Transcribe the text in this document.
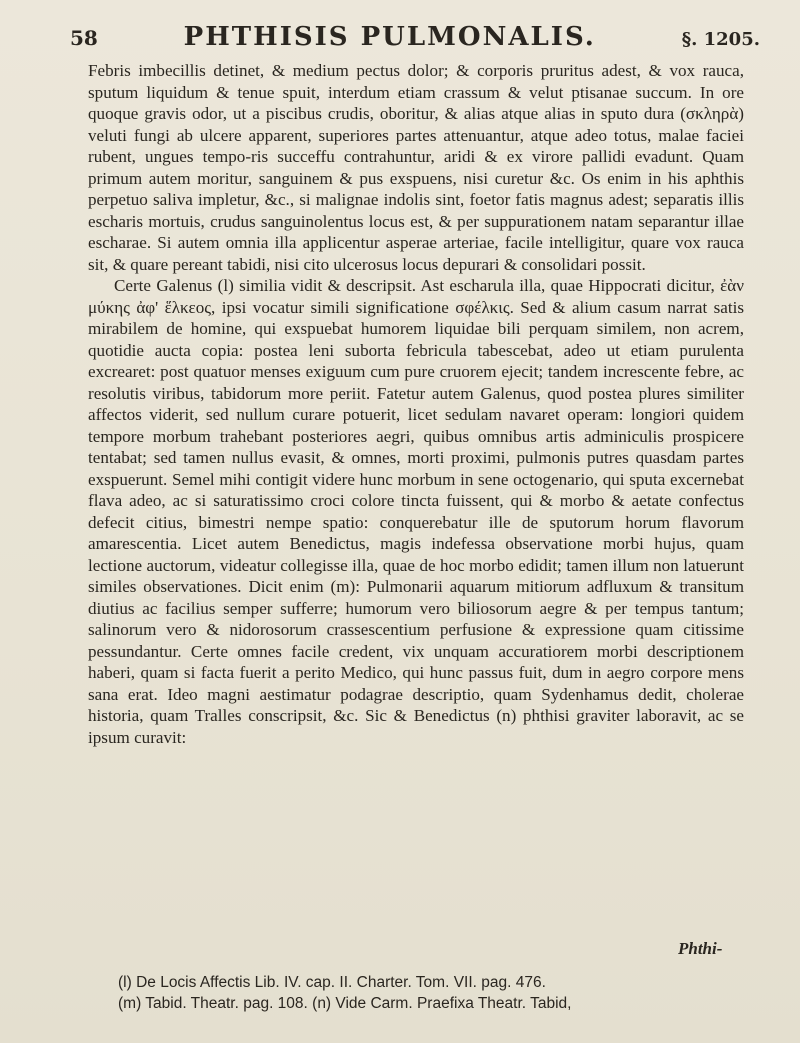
58	PHTHISIS PULMONALIS.	§. 1205.

Febris imbecillis detinet, & medium pectus dolor; & corporis pruritus adest, & vox rauca, sputum liquidum & tenue spuit, interdum etiam crassum & velut ptisanae succum. In ore quoque gravis odor, ut a piscibus crudis, oboritur, & alias atque alias in sputo dura (σκληρὰ) veluti fungi ab ulcere apparent, superiores partes attenuantur, atque adeo totus, malae faciei rubent, ungues tempo-ris succeffu contrahuntur, aridi & ex virore pallidi evadunt. Quam primum autem moritur, sanguinem & pus exspuens, nisi curetur &c. Os enim in his aphthis perpetuo saliva impletur, &c., si malignae indolis sint, foetor fatis magnus adest; separatis illis escharis mortuis, crudus sanguinolentus locus est, & per suppurationem natam separantur illae escharae. Si autem omnia illa applicentur asperae arteriae, facile intelligitur, quare vox rauca sit, & quare pereant tabidi, nisi cito ulcerosus locus depurari & consolidari possit.

Certe Galenus (l) similia vidit & descripsit. Ast escharula illa, quae Hippocrati dicitur, ἐὰν μύκης ἀφ' ἕλκεος, ipsi vocatur simili significatione σφέλκις. Sed & alium casum narrat satis mirabilem de homine, qui exspuebat humorem liquidae bili perquam similem, non acrem, quotidie aucta copia: postea leni suborta febricula tabescebat, adeo ut etiam purulenta excrearet: post quatuor menses exiguum cum pure cruorem ejecit; tandem increscente febre, ac resolutis viribus, tabidorum more periit. Fatetur autem Galenus, quod postea plures similiter affectos viderit, sed nullum curare potuerit, licet sedulam navaret operam: longiori quidem tempore morbum trahebant posteriores aegri, quibus omnibus artis adminiculis prospicere tentabat; sed tamen nullus evasit, & omnes, morti proximi, pulmonis putres quasdam partes exspuerunt. Semel mihi contigit videre hunc morbum in sene octogenario, qui sputa excernebat flava adeo, ac si saturatissimo croci colore tincta fuissent, qui & morbo & aetate confectus defecit citius, bimestri nempe spatio: conquerebatur ille de sputorum horum flavorum amarescentia. Licet autem Benedictus, magis indefessa observatione morbi hujus, quam lectione auctorum, videatur collegisse illa, quae de hoc morbo edidit; tamen illum non latuerunt similes observationes. Dicit enim (m): Pulmonarii aquarum mitiorum adfluxum & transitum diutius ac facilius semper sufferre; humorum vero biliosorum aegre & per tempus tantum; salinorum vero & nidorosorum crassescentium perfusione & expressione quam citissime pessundantur. Certe omnes facile credent, vix unquam accuratiorem morbi descriptionem haberi, quam si facta fuerit a perito Medico, qui hunc passus fuit, dum in aegro corpore mens sana erat. Ideo magni aestimatur podagrae descriptio, quam Sydenhamus dedit, cholerae historia, quam Tralles conscripsit, &c. Sic & Benedictus (n) phthisi graviter laboravit, ac se ipsum curavit:

Phthi-
(l) De Locis Affectis Lib. IV. cap. II. Charter. Tom. VII. pag. 476.
(m) Tabid. Theatr. pag. 108. (n) Vide Carm. Praefixa Theatr. Tabid,
